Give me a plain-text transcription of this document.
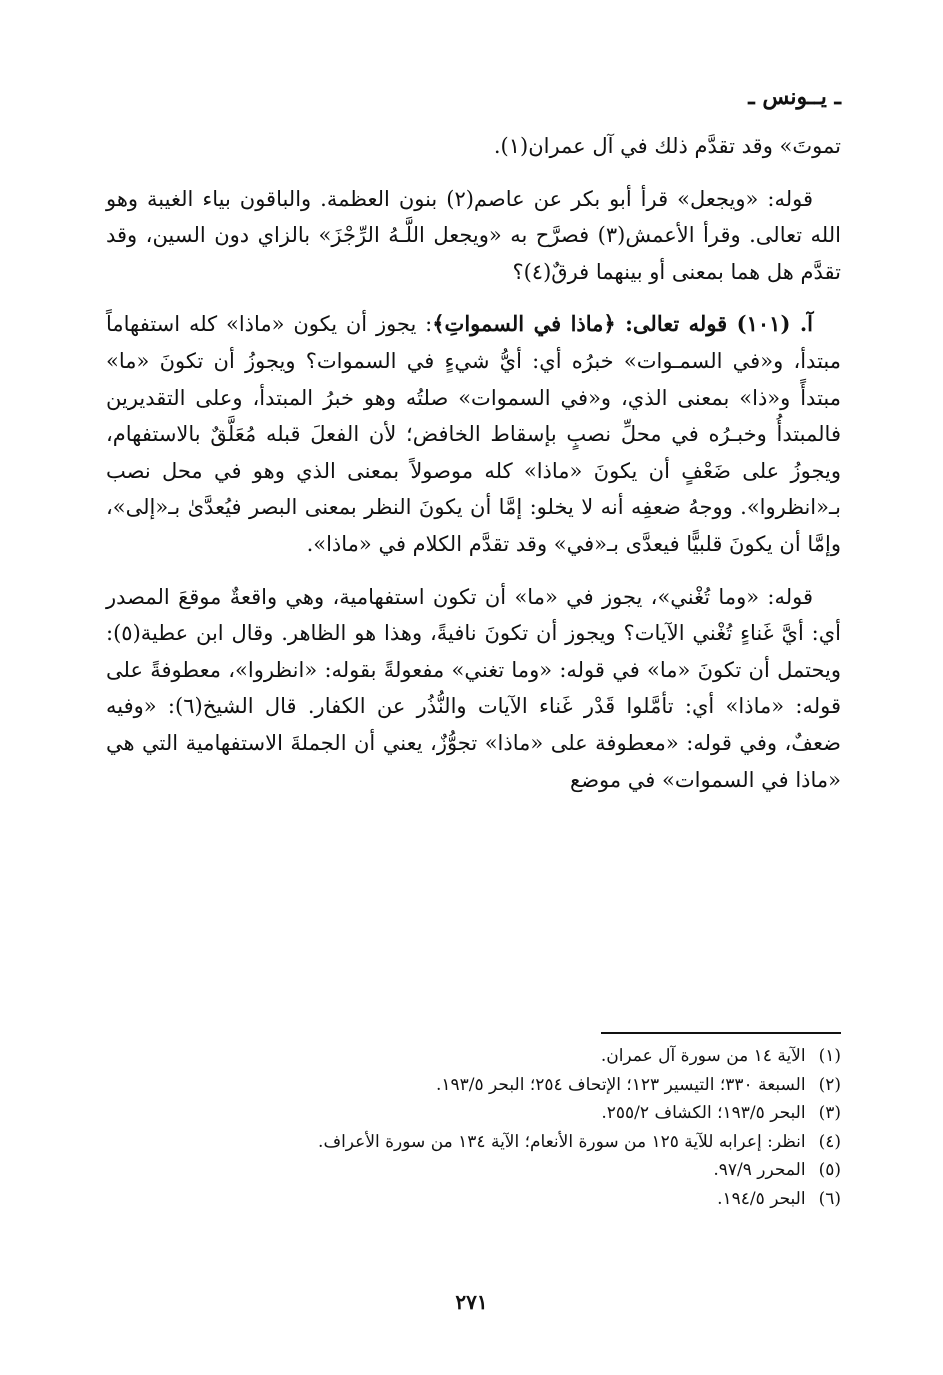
ـ يــونس ـ

تموتَ» وقد تقدَّم ذلك في آل عمران(١).

قوله: «ويجعل» قرأ أبو بكر عن عاصم(٢) بنون العظمة. والباقون بياء الغيبة وهو الله تعالى. وقرأ الأعمش(٣) فصرَّح به «ويجعل اللَّـهُ الرِّجْزَ» بالزاي دون السين، وقد تقدَّم هل هما بمعنى أو بينهما فرقٌ(٤)؟

آ. (١٠١) قوله تعالى: ﴿ماذا في السمواتِ﴾: يجوز أن يكون «ماذا» كله استفهاماً مبتدأ، و«في السمـوات» خبرُه أي: أيُّ شيءٍ في السموات؟ ويجوزُ أن تكونَ «ما» مبتدأً و«ذا» بمعنى الذي، و«في السموات» صلتُه وهو خبرُ المبتدأ، وعلى التقديرين فالمبتدأُ وخبـرُه في محلِّ نصبٍ بإسقاط الخافض؛ لأن الفعلَ قبله مُعَلَّقٌ بالاستفهام، ويجوزُ على ضَعْفٍ أن يكونَ «ماذا» كله موصولاً بمعنى الذي وهو في محل نصب بـ«انظروا». ووجهُ ضعفِه أنه لا يخلو: إمَّا أن يكونَ النظر بمعنى البصر فيُعدَّىٰ بـ«إلى»، وإمَّا أن يكونَ قلبيًّا فيعدَّى بـ«في» وقد تقدَّم الكلام في «ماذا».

قوله: «وما تُغْني»، يجوز في «ما» أن تكون استفهامية، وهي واقعةٌ موقعَ المصدر أي: أيَّ غَناءٍ تُغْني الآيات؟ ويجوز أن تكونَ نافيةً، وهذا هو الظاهر. وقال ابن عطية(٥): ويحتمل أن تكونَ «ما» في قوله: «وما تغني» مفعولةً بقوله: «انظروا»، معطوفةً على قوله: «ماذا» أي: تأمَّلوا قَدْر غَناء الآيات والنُّذُر عن الكفار. قال الشيخ(٦): «وفيه ضعفٌ، وفي قوله: «معطوفة على «ماذا» تجوُّزٌ، يعني أن الجملةَ الاستفهامية التي هي «ماذا في السموات» في موضع

(١) الآية ١٤ من سورة آل عمران.
(٢) السبعة ٣٣٠؛ التيسير ١٢٣؛ الإتحاف ٢٥٤؛ البحر ١٩٣/٥.
(٣) البحر ١٩٣/٥؛ الكشاف ٢٥٥/٢.
(٤) انظر: إعرابه للآية ١٢٥ من سورة الأنعام؛ الآية ١٣٤ من سورة الأعراف.
(٥) المحرر ٩٧/٩.
(٦) البحر ١٩٤/٥.
٢٧١
